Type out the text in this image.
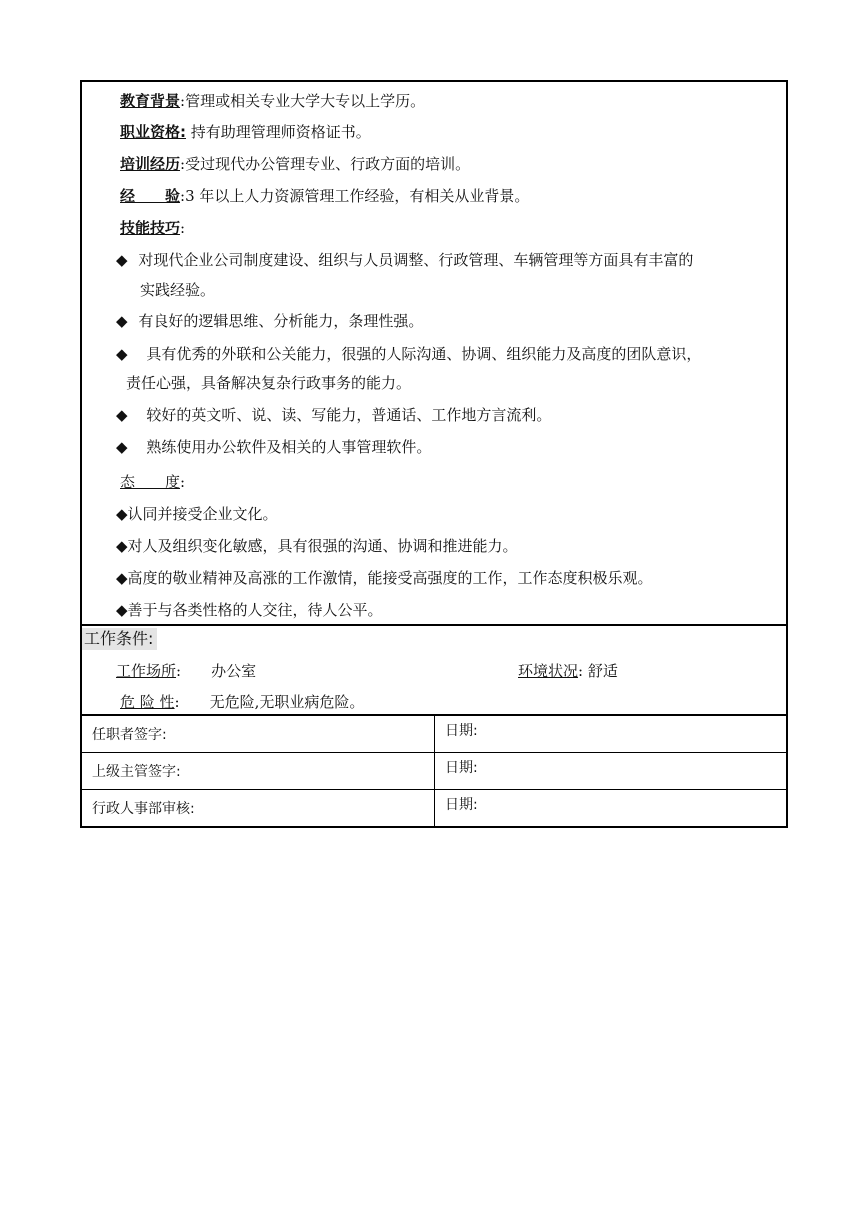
教育背景:管理或相关专业大学大专以上学历。
职业资格: 持有助理管理师资格证书。
培训经历:受过现代办公管理专业、行政方面的培训。
经　　验:3 年以上人力资源管理工作经验，有相关从业背景。
技能技巧:
◆ 对现代企业公司制度建设、组织与人员调整、行政管理、车辆管理等方面具有丰富的
实践经验。
◆ 有良好的逻辑思维、分析能力，条理性强。
◆ 具有优秀的外联和公关能力，很强的人际沟通、协调、组织能力及高度的团队意识，
责任心强，具备解决复杂行政事务的能力。
◆ 较好的英文听、说、读、写能力，普通话、工作地方言流利。
◆ 熟练使用办公软件及相关的人事管理软件。
态　　度:
◆认同并接受企业文化。
◆对人及组织变化敏感，具有很强的沟通、协调和推进能力。
◆高度的敬业精神及高涨的工作激情，能接受高强度的工作，工作态度积极乐观。
◆善于与各类性格的人交往，待人公平。
工作条件:
工作场所:　　办公室	环境状况: 舒适
危 险 性:　　无危险,无职业病危险。
任职者签字:	日期:
上级主管签字:	日期:
行政人事部审核:	日期:
